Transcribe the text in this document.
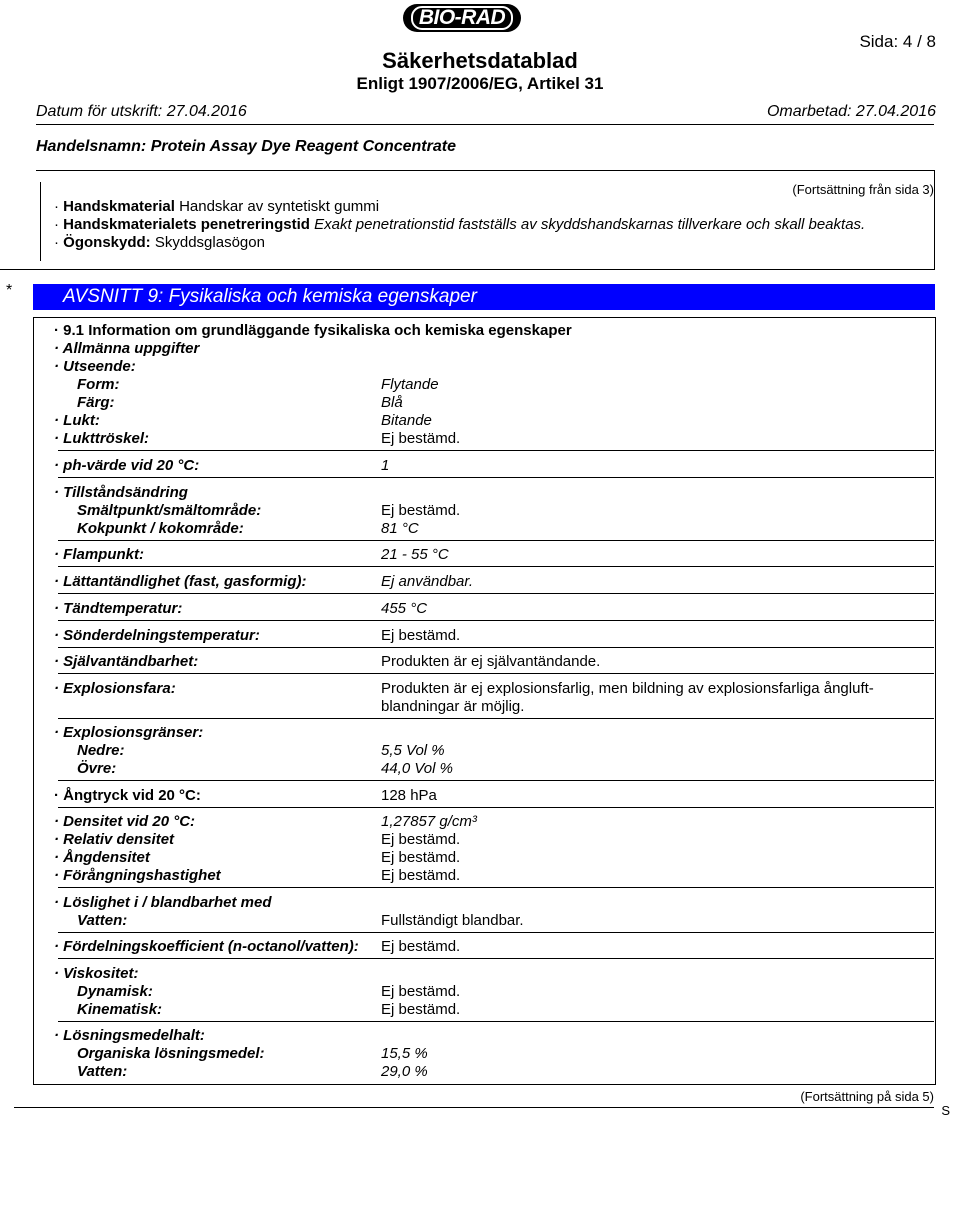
BIO-RAD
Sida: 4 / 8
Säkerhetsdatablad
Enligt 1907/2006/EG, Artikel 31
Datum för utskrift: 27.04.2016	Omarbetad: 27.04.2016
Handelsnamn: Protein Assay Dye Reagent Concentrate
(Fortsättning från sida 3)
· Handskmaterial Handskar av syntetiskt gummi
· Handskmaterialets penetreringstid Exakt penetrationstid fastställs av skyddshandskarnas tillverkare och skall beaktas.
· Ögonskydd: Skyddsglasögon
*	AVSNITT 9: Fysikaliska och kemiska egenskaper
· 9.1 Information om grundläggande fysikaliska och kemiska egenskaper
· Allmänna uppgifter
· Utseende:
Form:	Flytande
Färg:	Blå
· Lukt:	Bitande
· Lukttröskel:	Ej bestämd.
· ph-värde vid 20 °C:	1
· Tillståndsändring
Smältpunkt/smältområde:	Ej bestämd.
Kokpunkt / kokområde:	81 °C
· Flampunkt:	21 - 55 °C
· Lättantändlighet (fast, gasformig):	Ej användbar.
· Tändtemperatur:	455 °C
· Sönderdelningstemperatur:	Ej bestämd.
· Självantändbarhet:	Produkten är ej självantändande.
· Explosionsfara:	Produkten är ej explosionsfarlig, men bildning av explosionsfarliga ångluft-
blandningar är möjlig.
· Explosionsgränser:
Nedre:	5,5 Vol %
Övre:	44,0 Vol %
· Ångtryck vid 20 °C:	128 hPa
· Densitet vid 20 °C:	1,27857 g/cm³
· Relativ densitet	Ej bestämd.
· Ångdensitet	Ej bestämd.
· Förångningshastighet	Ej bestämd.
· Löslighet i / blandbarhet med
Vatten:	Fullständigt blandbar.
· Fördelningskoefficient (n-octanol/vatten): Ej bestämd.
· Viskositet:
Dynamisk:	Ej bestämd.
Kinematisk:	Ej bestämd.
· Lösningsmedelhalt:
Organiska lösningsmedel:	15,5 %
Vatten:	29,0 %
(Fortsättning på sida 5)
S
